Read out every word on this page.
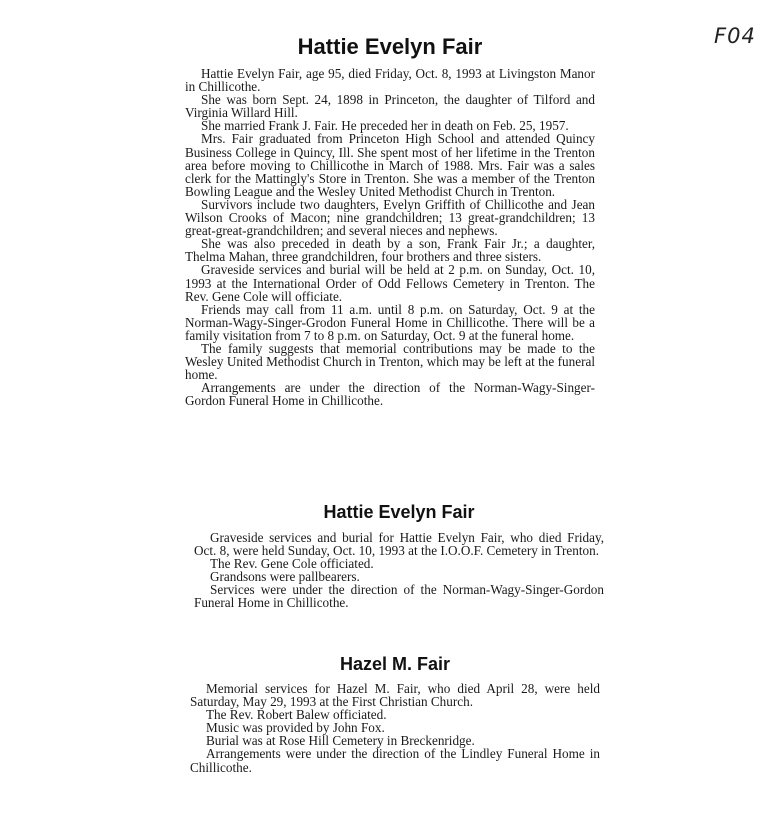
F04
Hattie Evelyn Fair

Hattie Evelyn Fair, age 95, died Friday, Oct. 8, 1993 at Livingston Manor in Chillicothe.

She was born Sept. 24, 1898 in Princeton, the daughter of Tilford and Virginia Willard Hill.

She married Frank J. Fair. He preceded her in death on Feb. 25, 1957.

Mrs. Fair graduated from Princeton High School and attended Quincy Business College in Quincy, Ill. She spent most of her lifetime in the Trenton area before moving to Chillicothe in March of 1988. Mrs. Fair was a sales clerk for the Mattingly's Store in Trenton. She was a member of the Trenton Bowling League and the Wesley United Methodist Church in Trenton.

Survivors include two daughters, Evelyn Griffith of Chillicothe and Jean Wilson Crooks of Macon; nine grandchildren; 13 great-grandchildren; 13 great-great-grandchildren; and several nieces and nephews.

She was also preceded in death by a son, Frank Fair Jr.; a daughter, Thelma Mahan, three grandchildren, four brothers and three sisters.

Graveside services and burial will be held at 2 p.m. on Sunday, Oct. 10, 1993 at the International Order of Odd Fellows Cemetery in Trenton. The Rev. Gene Cole will officiate.

Friends may call from 11 a.m. until 8 p.m. on Saturday, Oct. 9 at the Norman-Wagy-Singer-Grodon Funeral Home in Chillicothe. There will be a family visitation from 7 to 8 p.m. on Saturday, Oct. 9 at the funeral home.

The family suggests that memorial contributions may be made to the Wesley United Methodist Church in Trenton, which may be left at the funeral home.

Arrangements are under the direction of the Norman-Wagy-Singer-Gordon Funeral Home in Chillicothe.

Hattie Evelyn Fair

Graveside services and burial for Hattie Evelyn Fair, who died Friday, Oct. 8, were held Sunday, Oct. 10, 1993 at the I.O.O.F. Cemetery in Trenton.

The Rev. Gene Cole officiated.

Grandsons were pallbearers.

Services were under the direction of the Norman-Wagy-Singer-Gordon Funeral Home in Chillicothe.

Hazel M. Fair

Memorial services for Hazel M. Fair, who died April 28, were held Saturday, May 29, 1993 at the First Christian Church.

The Rev. Robert Balew officiated.

Music was provided by John Fox.

Burial was at Rose Hill Cemetery in Breckenridge.

Arrangements were under the direction of the Lindley Funeral Home in Chillicothe.
